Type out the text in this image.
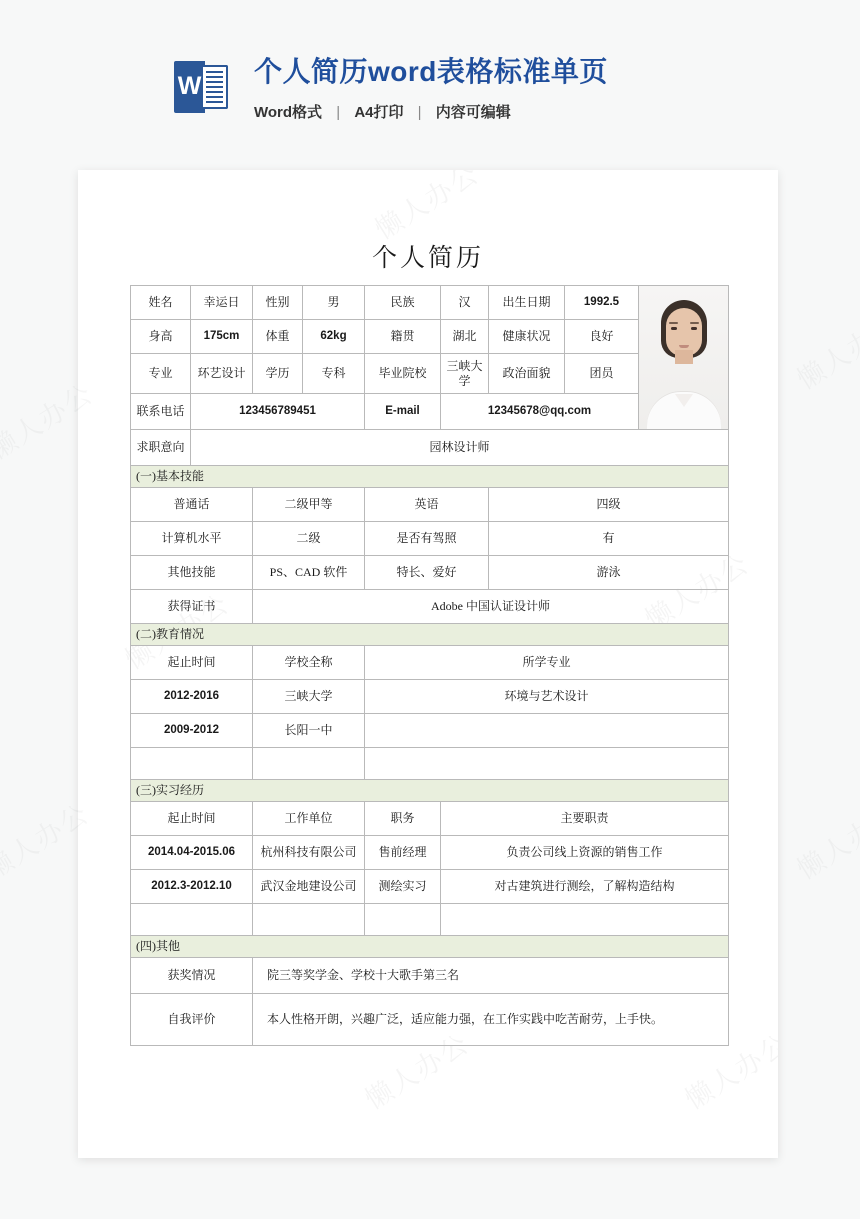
W
个人简历word表格标准单页
Word格式 | A4打印 | 内容可编辑
个人简历
姓名	幸运日	性别	男	民族	汉	出生日期	1992.5	

身高	175cm	体重	62kg	籍贯	湖北	健康状况	良好	
专业	环艺设计	学历	专科	毕业院校	三峡大学	政治面貌	团员	
联系电话	123456789451			E-mail	12345678@qq.com			
求职意向	园林设计师							
(一)基本技能								
普通话		二级甲等		英语		四级		
计算机水平		二级		是否有驾照		有		
其他技能		PS、CAD 软件		特长、爱好		游泳		
获得证书		Adobe 中国认证设计师						
(二)教育情况								
起止时间		学校全称		所学专业				
2012-2016		三峡大学		环境与艺术设计				
2009-2012		长阳一中						

(三)实习经历								
起止时间		工作单位		职务	主要职责			
2014.04-2015.06		杭州科技有限公司		售前经理	负责公司线上资源的销售工作			
2012.3-2012.10		武汉金地建设公司		测绘实习	对古建筑进行测绘，了解构造结构			

(四)其他								
获奖情况		院三等奖学金、学校十大歌手第三名						
自我评价		本人性格开朗，兴趣广泛，适应能力强，在工作实践中吃苦耐劳，上手快。						
